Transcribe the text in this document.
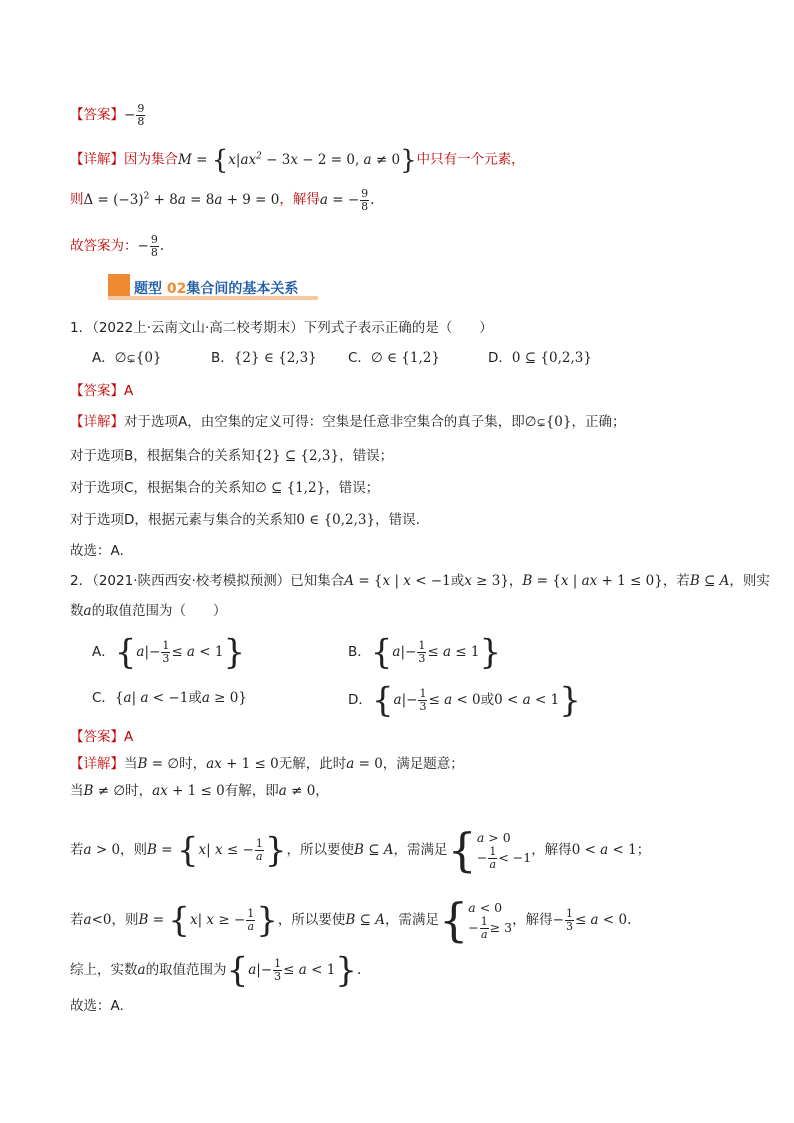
【答案】− $\frac{9}{8}$
【详解】因为集合$M = \{x|ax^2 - 3x - 2 = 0$, a ≠ 0}中只有一个元素，
则$\Delta = (-3)^2 + 8a = 8a + 9 = 0$，解得a = − $\frac{9}{8}$ .
故答案为：− $\frac{9}{8}$ .
题型 02集合间的基本关系
1．（2022上·云南文山·高二校考期末）下列式子表示正确的是（　　）
A．∅⊊{0}	B．{2} ∈ {2,3} C．∅ ∈ {1,2}	D．0 ⊆ {0,2,3}
【答案】A
【详解】对于选项A，由空集的定义可得：空集是任意非空集合的真子集，即∅⊊{0}，正确；
对于选项B，根据集合的关系知{2} ⊆ {2,3}，错误；
对于选项C，根据集合的关系知∅ ⊆ {1,2}，错误；
对于选项D，根据元素与集合的关系知0 ∈ {0,2,3}，错误.
故选：A.
2．（2021·陕西西安·校考模拟预测）已知集合A = {x | x < −1或x ≥ 3}，B = {x | ax + 1 ≤ 0}，若B ⊆ A，则实
数a的取值范围为（　　）
A．$\{a|- \frac{1}{3} \le a < 1\}$	B．$\{a|- \frac{1}{3} \le a \le 1\}$
C．{a| a < −1或a ≥ 0}	D．{$a|- \frac{1}{3} \le a < 0$或0 < a < 1}
【答案】A
【详解】当B = ∅时，ax + 1 ≤ 0无解，此时a = 0，满足题意；
当B ≠ ∅时，ax + 1 ≤ 0有解，即a ≠ 0，
若a > 0，则B = {x| x ≤ − $\frac{1}{a}$ }，所以要使B ⊆ A，需满足 { a > 0
− $\frac{1}{a} < -1$ ，解得0 < a < 1；
若a<0，则B = {x| x ≥ − $\frac{1}{a}$ }，所以要使B ⊆ A，需满足 { a < 0
− $\frac{1}{a} \ge 3$ ，解得− $\frac{1}{3} \le a < 0$.
综上，实数a的取值范围为$\{a|- \frac{1}{3} \le a < 1\}$.
故选：A.
